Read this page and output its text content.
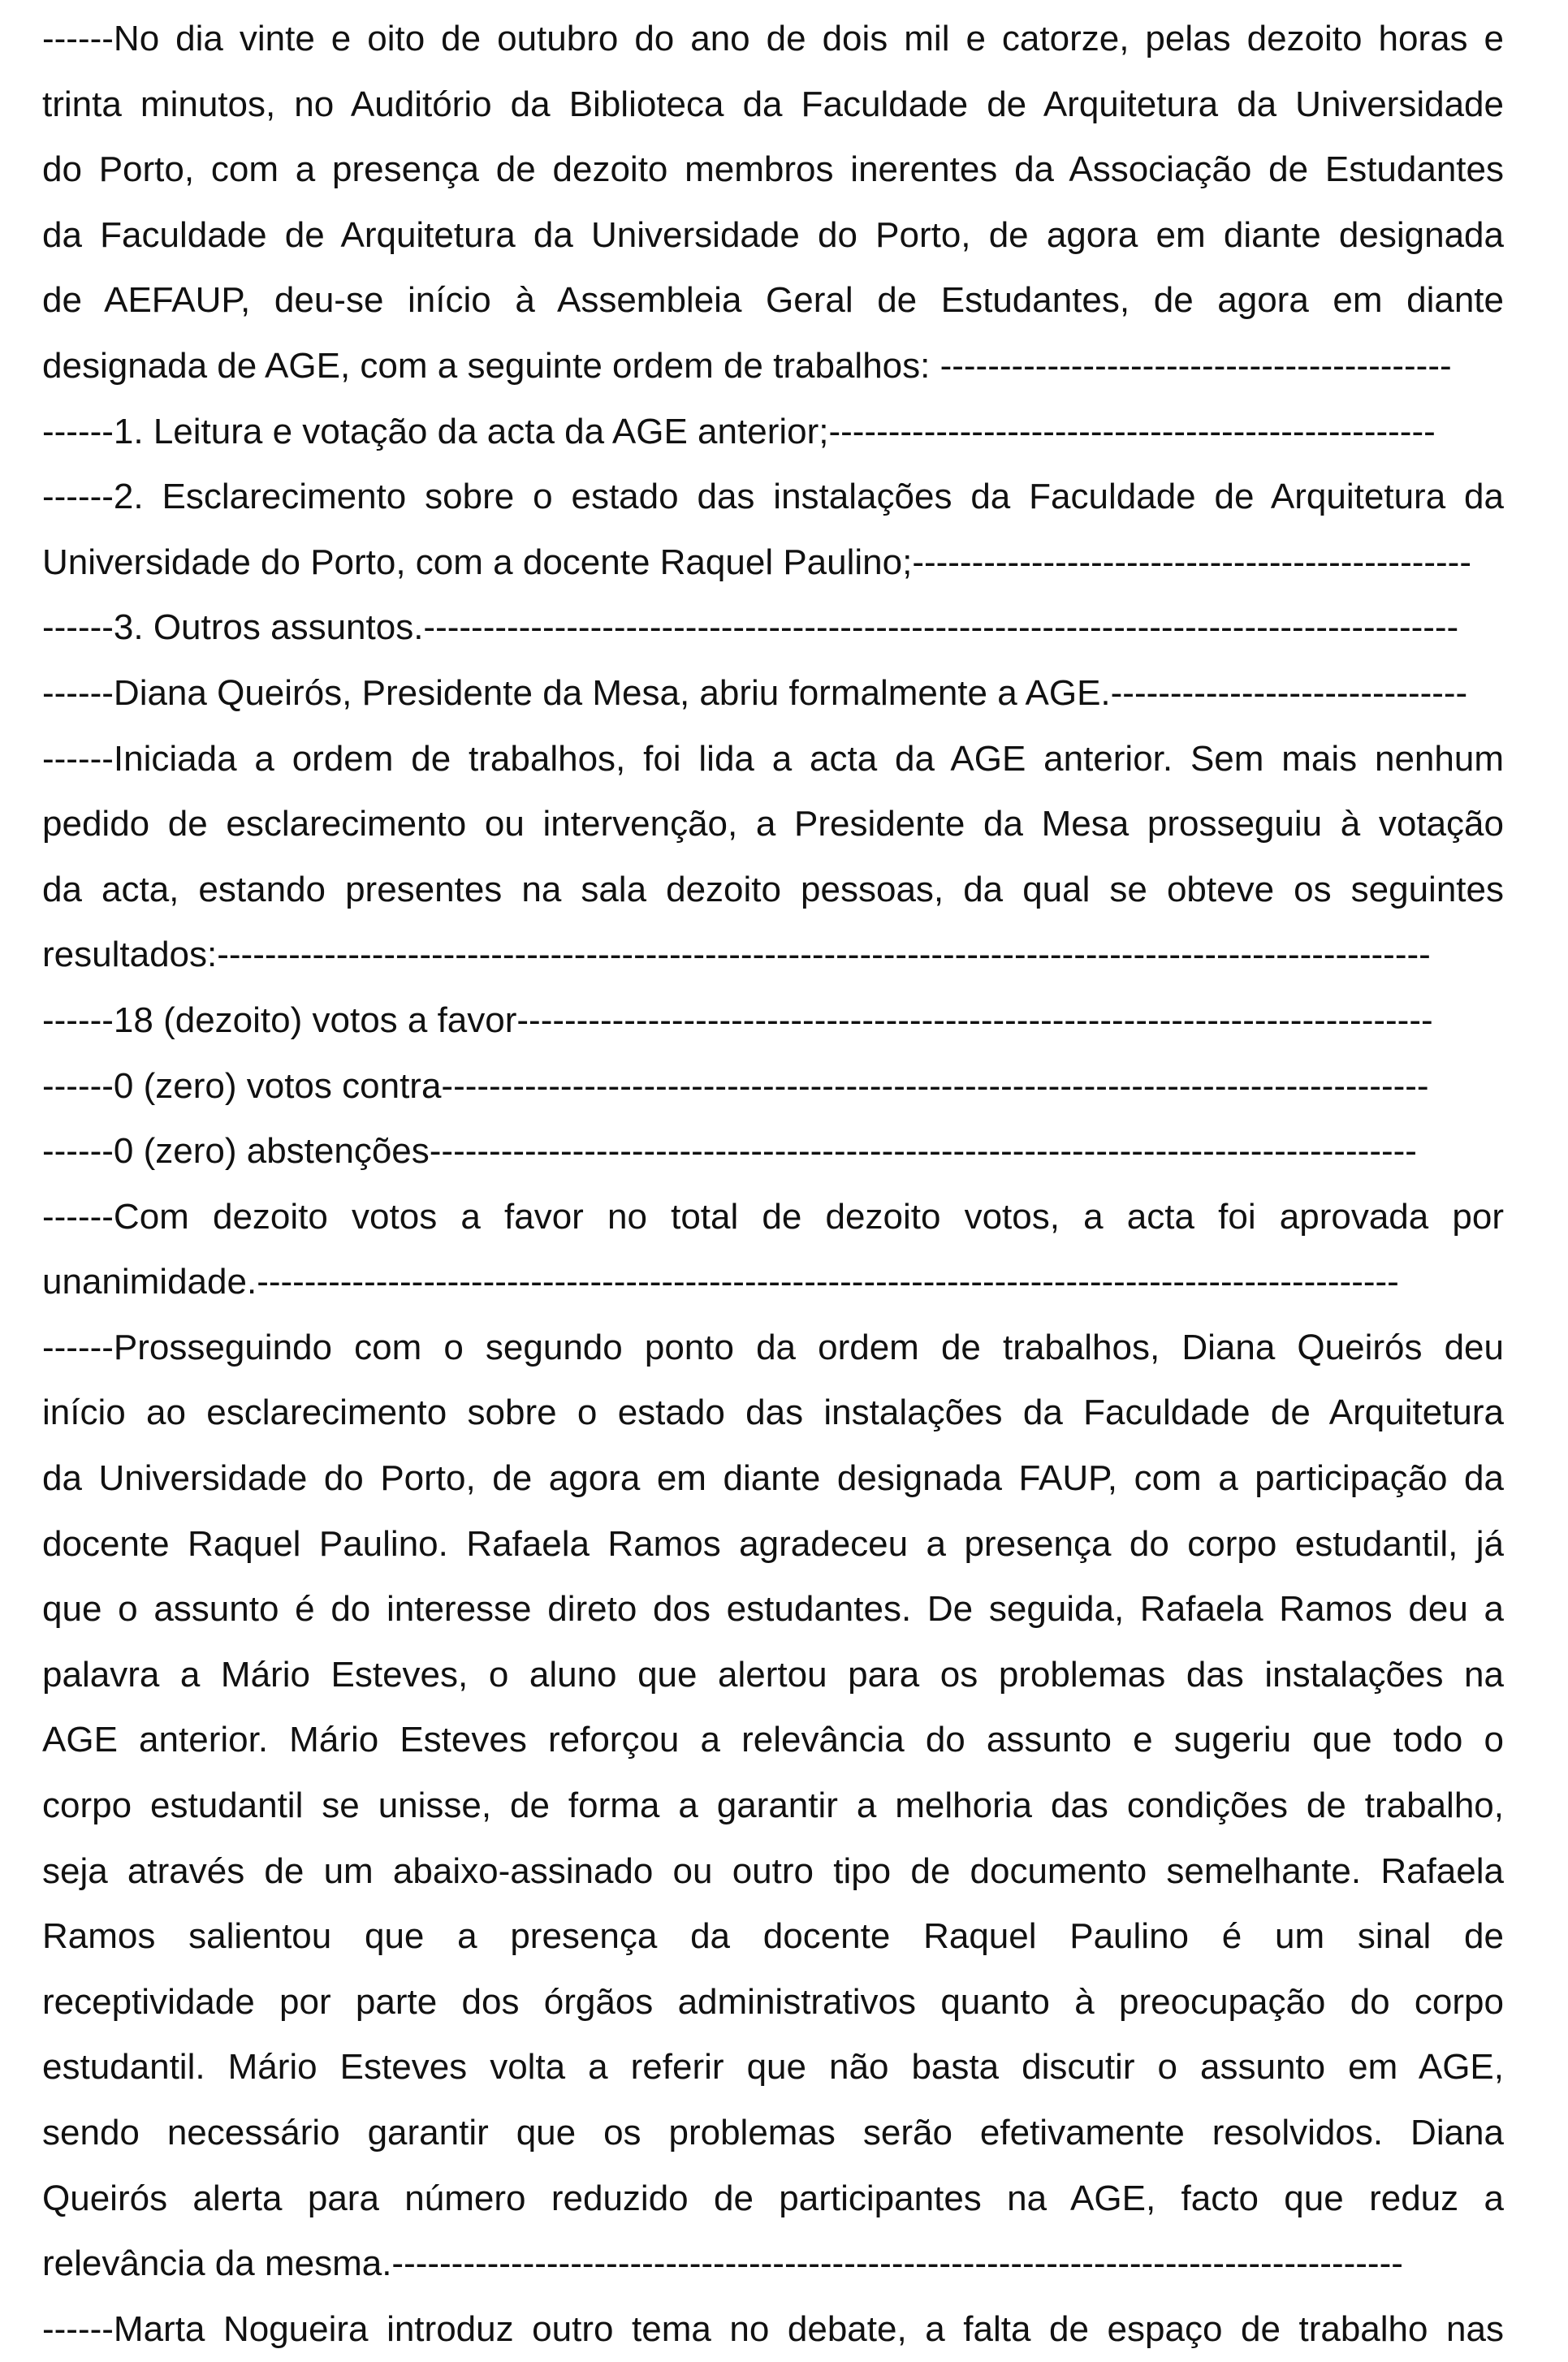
------No dia vinte e oito de outubro do ano de dois mil e catorze, pelas dezoito horas e
trinta minutos, no Auditório da Biblioteca da Faculdade de Arquitetura da Universidade
do Porto, com a presença de dezoito membros inerentes da Associação de Estudantes
da Faculdade de Arquitetura da Universidade do Porto, de agora em diante designada
de AEFAUP, deu-se início à Assembleia Geral de Estudantes, de agora em diante
designada de AGE, com a seguinte ordem de trabalhos: -------------------------------------------
------1. Leitura e votação da acta da AGE anterior;---------------------------------------------------
------2. Esclarecimento sobre o estado das instalações da Faculdade de Arquitetura da
Universidade do Porto, com a docente Raquel Paulino;-----------------------------------------------
------3. Outros assuntos.---------------------------------------------------------------------------------------
------Diana Queirós, Presidente da Mesa, abriu formalmente a AGE.------------------------------
------Iniciada a ordem de trabalhos, foi lida a acta da AGE anterior. Sem mais nenhum
pedido de esclarecimento ou intervenção, a Presidente da Mesa prosseguiu à votação
da acta, estando presentes na sala dezoito pessoas, da qual se obteve os seguintes
resultados:------------------------------------------------------------------------------------------------------
------18 (dezoito) votos a favor-----------------------------------------------------------------------------
------0 (zero) votos contra-----------------------------------------------------------------------------------
------0 (zero) abstenções-----------------------------------------------------------------------------------
------Com dezoito votos a favor no total de dezoito votos, a acta foi aprovada por
unanimidade.------------------------------------------------------------------------------------------------
------Prosseguindo com o segundo ponto da ordem de trabalhos, Diana Queirós deu
início ao esclarecimento sobre o estado das instalações da Faculdade de Arquitetura
da Universidade do Porto, de agora em diante designada FAUP, com a participação da
docente Raquel Paulino. Rafaela Ramos agradeceu a presença do corpo estudantil, já
que o assunto é do interesse direto dos estudantes. De seguida, Rafaela Ramos deu a
palavra a Mário Esteves, o aluno que alertou para os problemas das instalações na
AGE anterior. Mário Esteves reforçou a relevância do assunto e sugeriu que todo o
corpo estudantil se unisse, de forma a garantir a melhoria das condições de trabalho,
seja através de um abaixo-assinado ou outro tipo de documento semelhante. Rafaela
Ramos salientou que a presença da docente Raquel Paulino é um sinal de
receptividade por parte dos órgãos administrativos quanto à preocupação do corpo
estudantil. Mário Esteves volta a referir que não basta discutir o assunto em AGE,
sendo necessário garantir que os problemas serão efetivamente resolvidos. Diana
Queirós alerta para número reduzido de participantes na AGE, facto que reduz a
relevância da mesma.-------------------------------------------------------------------------------------
------Marta Nogueira introduz outro tema no debate, a falta de espaço de trabalho nas
